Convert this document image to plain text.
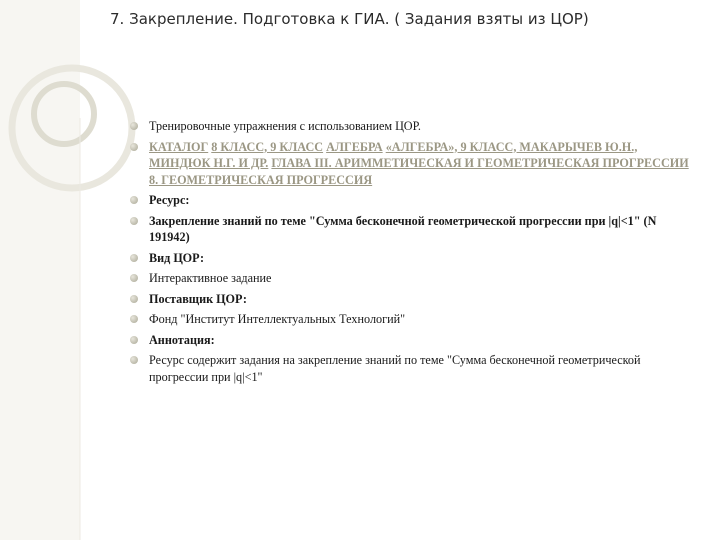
7. Закрепление. Подготовка к ГИА. ( Задания взяты из ЦОР)
Тренировочные упражнения с использованием ЦОР.
КАТАЛОГ 8 КЛАСС, 9 КЛАСС АЛГЕБРА «АЛГЕБРА», 9 КЛАСС, МАКАРЫЧЕВ Ю.Н., МИНДЮК Н.Г. И ДР. ГЛАВА III. АРИММЕТИЧЕСКАЯ И ГЕОМЕТРИЧЕСКАЯ ПРОГРЕССИИ 8. ГЕОМЕТРИЧЕСКАЯ ПРОГРЕССИЯ
Ресурс:
Закрепление знаний по теме "Сумма бесконечной геометрической прогрессии при |q|<1" (N 191942)
Вид ЦОР:
Интерактивное задание
Поставщик ЦОР:
Фонд "Институт Интеллектуальных Технологий"
Аннотация:
Ресурс содержит задания на закрепление знаний по теме "Сумма бесконечной геометрической прогрессии при |q|<1"
